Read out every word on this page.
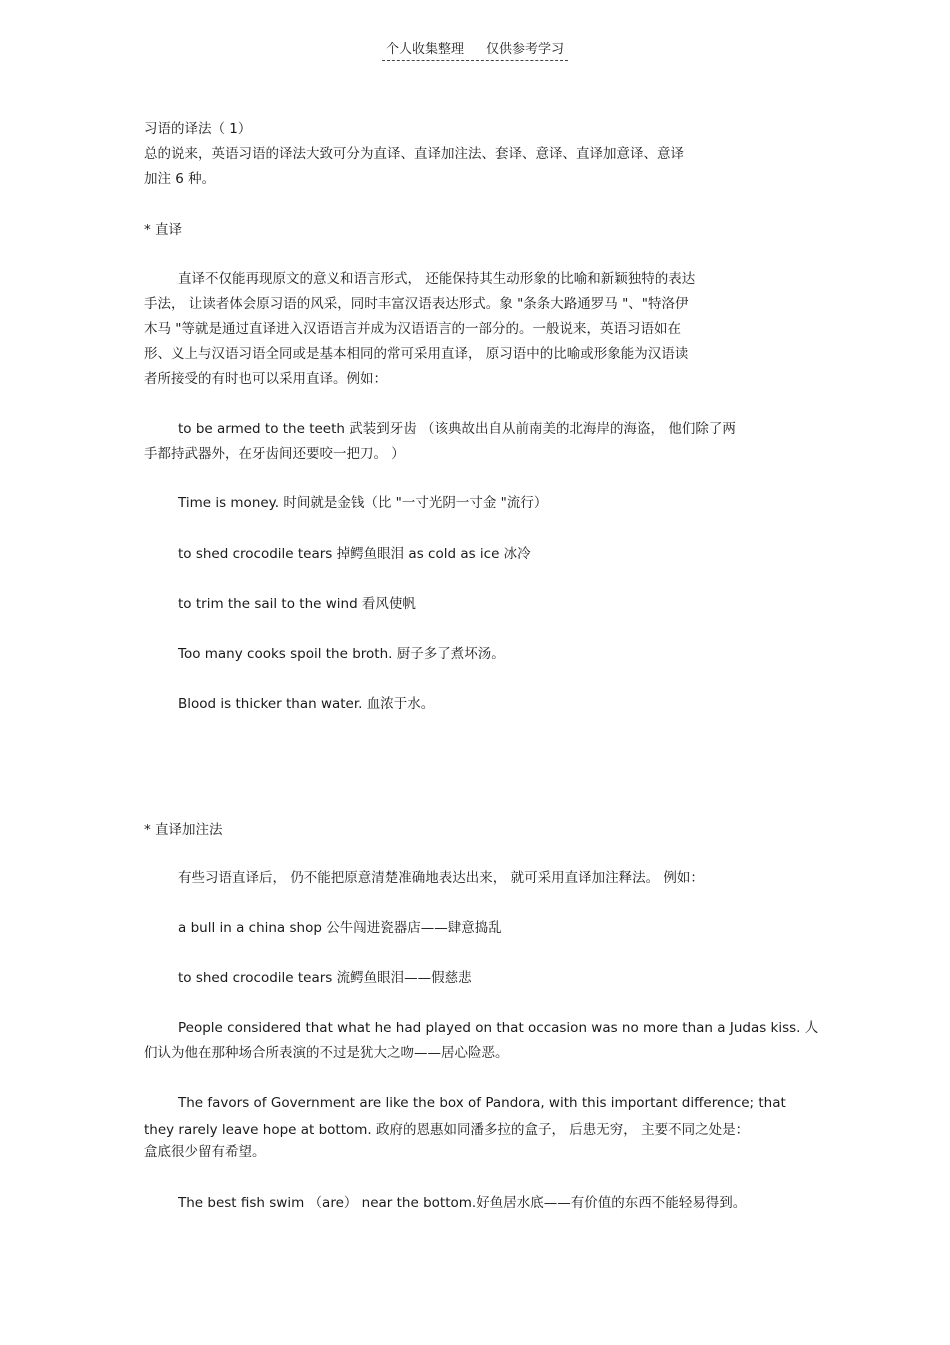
个人收集整理 仅供参考学习
习语的译法（ 1）
总的说来，英语习语的译法大致可分为直译、直译加注法、套译、意译、直译加意译、意译
加注 6 种。
* 直译
直译不仅能再现原文的意义和语言形式， 还能保持其生动形象的比喻和新颖独特的表达
手法， 让读者体会原习语的风采，同时丰富汉语表达形式。象 "条条大路通罗马 "、"特洛伊
木马 "等就是通过直译进入汉语语言并成为汉语语言的一部分的。一般说来，英语习语如在
形、义上与汉语习语全同或是基本相同的常可采用直译， 原习语中的比喻或形象能为汉语读
者所接受的有时也可以采用直译。例如：
to be armed to the teeth 武装到牙齿 （该典故出自从前南美的北海岸的海盗， 他们除了两
手都持武器外，在牙齿间还要咬一把刀。 ）
Time is money. 时间就是金钱（比 "一寸光阴一寸金 "流行）
to shed crocodile tears 掉鳄鱼眼泪 as cold as ice 冰冷
to trim the sail to the wind 看风使帆
Too many cooks spoil the broth. 厨子多了煮坏汤。
Blood is thicker than water. 血浓于水。
* 直译加注法
有些习语直译后， 仍不能把原意清楚准确地表达出来， 就可采用直译加注释法。 例如：
a bull in a china shop 公牛闯进瓷器店——肆意捣乱
to shed crocodile tears 流鳄鱼眼泪——假慈悲
People considered that what he had played on that occasion was no more than a Judas kiss. 人
们认为他在那种场合所表演的不过是犹大之吻——居心险恶。
The favors of Government are like the box of Pandora, with this important difference; that
they rarely leave hope at bottom. 政府的恩惠如同潘多拉的盒子， 后患无穷， 主要不同之处是：
盒底很少留有希望。
The best fish swim （are） near the bottom.好鱼居水底——有价值的东西不能轻易得到。
